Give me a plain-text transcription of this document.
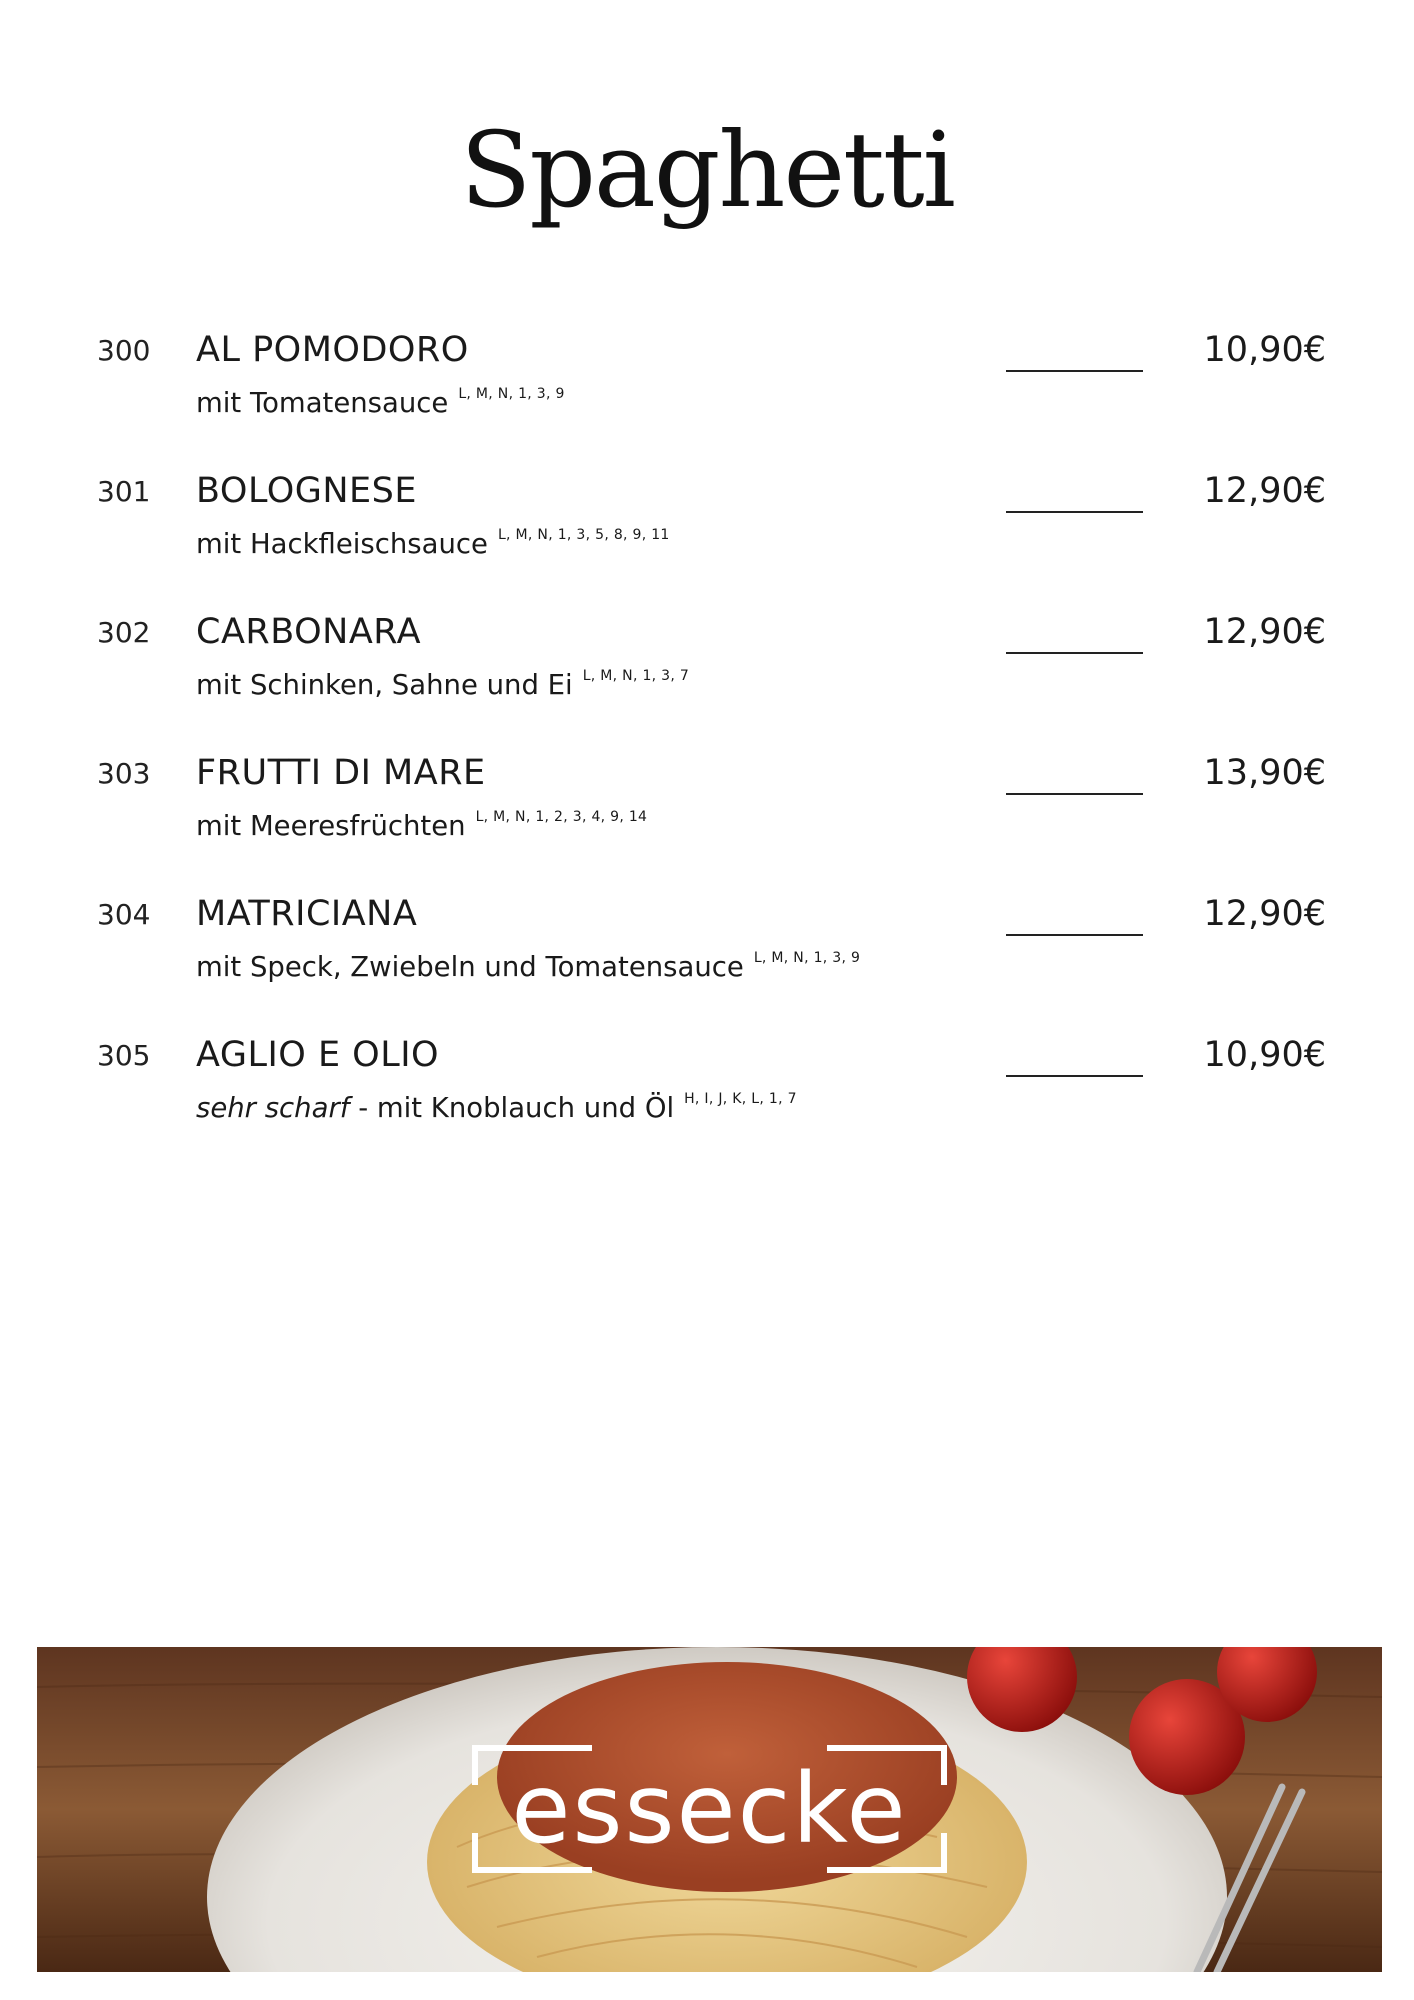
Spaghetti
300 AL POMODORO
mit Tomatensauce $^{L, M, N, 1, 3, 9}$
10,90€
301 BOLOGNESE
mit Hackfleischsauce $^{L, M, N, 1, 3, 5, 8, 9, 11}$
12,90€
302 CARBONARA
mit Schinken, Sahne und Ei $^{L, M, N, 1, 3, 7}$
12,90€
303 FRUTTI DI MARE
mit Meeresfrüchten $^{L, M, N, 1, 2, 3, 4, 9, 14}$
13,90€
304 MATRICIANA
mit Speck, Zwiebeln und Tomatensauce $^{L, M, N, 1, 3, 9}$
12,90€
305 AGLIO E OLIO
sehr scharf - mit Knoblauch und Öl $^{H, I, J, K, L, 1, 7}$
10,90€
essecke
